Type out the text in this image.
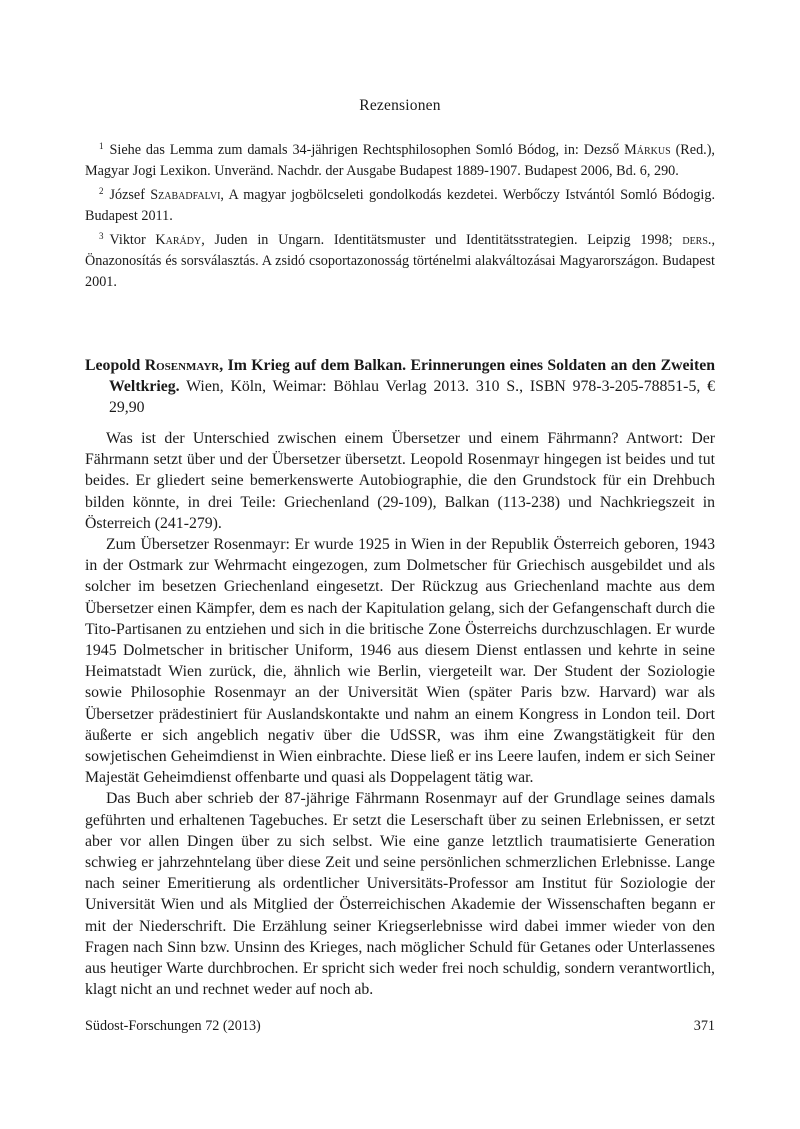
Rezensionen

$^1$ Siehe das Lemma zum damals 34-jährigen Rechtsphilosophen Somló Bódog, in: Dezső Márkus (Red.), Magyar Jogi Lexikon. Unveränd. Nachdr. der Ausgabe Budapest 1889-1907. Budapest 2006, Bd. 6, 290.

$^2$ József Szabadfalvi, A magyar jogbölcseleti gondolkodás kezdetei. Werbőczy Istvántól Somló Bódogig. Budapest 2011.

$^3$ Viktor Karády, Juden in Ungarn. Identitätsmuster und Identitätsstrategien. Leipzig 1998; ders., Önazonosítás és sorsválasztás. A zsidó csoportazonosság történelmi alakváltozásai Magyarországon. Budapest 2001.

Leopold Rosenmayr, Im Krieg auf dem Balkan. Erinnerungen eines Soldaten an den Zweiten Weltkrieg. Wien, Köln, Weimar: Böhlau Verlag 2013. 310 S., ISBN 978-3-205-78851-5, € 29,90

Was ist der Unterschied zwischen einem Übersetzer und einem Fährmann? Antwort: Der Fährmann setzt über und der Übersetzer übersetzt. Leopold Rosenmayr hingegen ist beides und tut beides. Er gliedert seine bemerkenswerte Autobiographie, die den Grundstock für ein Drehbuch bilden könnte, in drei Teile: Griechenland (29-109), Balkan (113-238) und Nachkriegszeit in Österreich (241-279).

Zum Übersetzer Rosenmayr: Er wurde 1925 in Wien in der Republik Österreich geboren, 1943 in der Ostmark zur Wehrmacht eingezogen, zum Dolmetscher für Griechisch ausgebildet und als solcher im besetzen Griechenland eingesetzt. Der Rückzug aus Griechenland machte aus dem Übersetzer einen Kämpfer, dem es nach der Kapitulation gelang, sich der Gefangenschaft durch die Tito-Partisanen zu entziehen und sich in die britische Zone Österreichs durchzuschlagen. Er wurde 1945 Dolmetscher in britischer Uniform, 1946 aus diesem Dienst entlassen und kehrte in seine Heimatstadt Wien zurück, die, ähnlich wie Berlin, viergeteilt war. Der Student der Soziologie sowie Philosophie Rosenmayr an der Universität Wien (später Paris bzw. Harvard) war als Übersetzer prädestiniert für Auslandskontakte und nahm an einem Kongress in London teil. Dort äußerte er sich angeblich negativ über die UdSSR, was ihm eine Zwangstätigkeit für den sowjetischen Geheimdienst in Wien einbrachte. Diese ließ er ins Leere laufen, indem er sich Seiner Majestät Geheimdienst offenbarte und quasi als Doppelagent tätig war.

Das Buch aber schrieb der 87-jährige Fährmann Rosenmayr auf der Grundlage seines damals geführten und erhaltenen Tagebuches. Er setzt die Leserschaft über zu seinen Erlebnissen, er setzt aber vor allen Dingen über zu sich selbst. Wie eine ganze letztlich traumatisierte Generation schwieg er jahrzehntelang über diese Zeit und seine persönlichen schmerzlichen Erlebnisse. Lange nach seiner Emeritierung als ordentlicher Universitäts-Professor am Institut für Soziologie der Universität Wien und als Mitglied der Österreichischen Akademie der Wissenschaften begann er mit der Niederschrift. Die Erzählung seiner Kriegserlebnisse wird dabei immer wieder von den Fragen nach Sinn bzw. Unsinn des Krieges, nach möglicher Schuld für Getanes oder Unterlassenes aus heutiger Warte durchbrochen. Er spricht sich weder frei noch schuldig, sondern verantwortlich, klagt nicht an und rechnet weder auf noch ab.

Südost-Forschungen 72 (2013)	371
